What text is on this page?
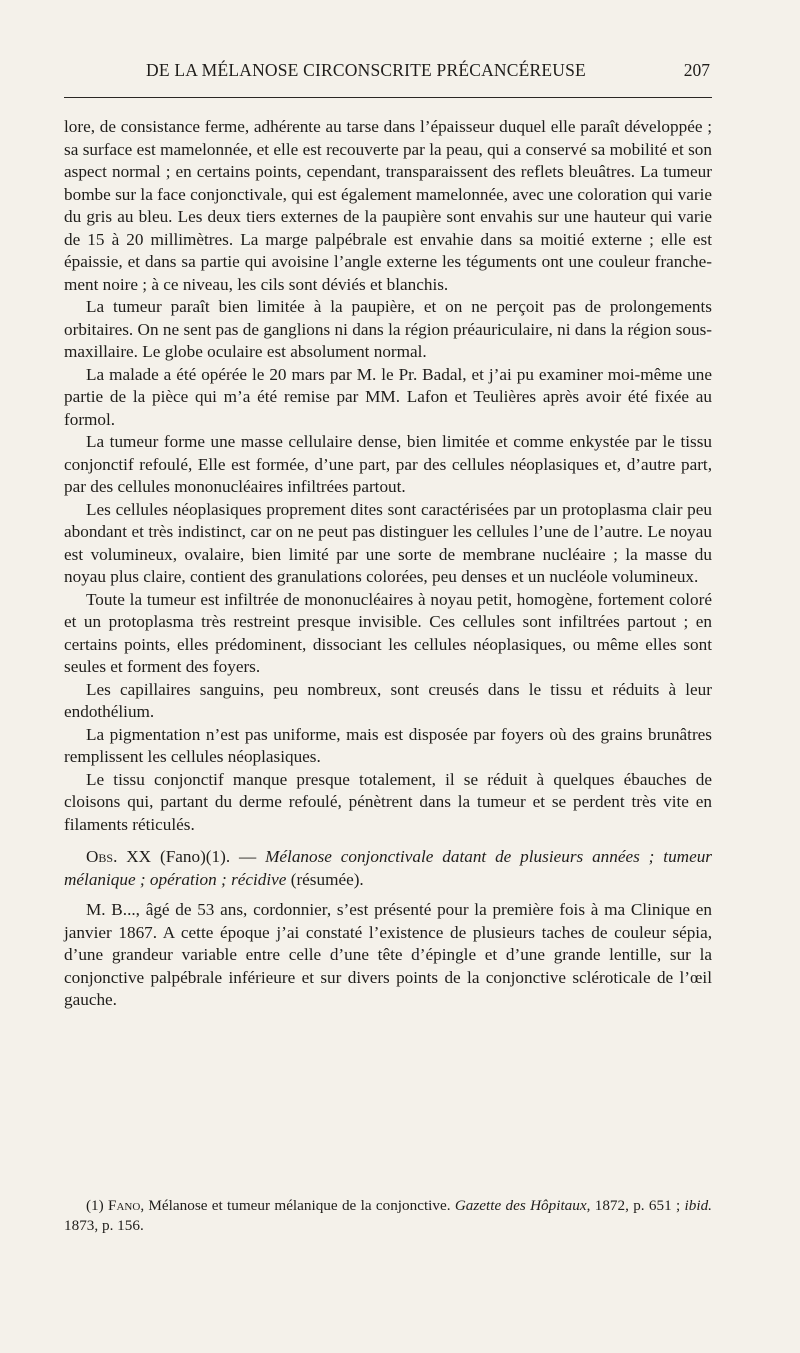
DE LA MÉLANOSE CIRCONSCRITE PRÉCANCÉREUSE	207

lore, de consistance ferme, adhérente au tarse dans l’épaisseur duquel elle paraît développée ; sa surface est mamelonnée, et elle est recouverte par la peau, qui a conservé sa mobilité et son aspect normal ; en certains points, cependant, transparaissent des reflets bleuâtres. La tumeur bombe sur la face conjonctivale, qui est également mamelonnée, avec une coloration qui varie du gris au bleu. Les deux tiers externes de la paupière sont envahis sur une hauteur qui varie de 15 à 20 millimètres. La marge palpébrale est envahie dans sa moitié externe ; elle est épaissie, et dans sa partie qui avoisine l’angle externe les téguments ont une couleur franchement noire ; à ce niveau, les cils sont déviés et blanchis.

La tumeur paraît bien limitée à la paupière, et on ne perçoit pas de prolongements orbitaires. On ne sent pas de ganglions ni dans la région préauriculaire, ni dans la région sous-maxillaire. Le globe oculaire est absolument normal.

La malade a été opérée le 20 mars par M. le Pr. Badal, et j’ai pu examiner moi-même une partie de la pièce qui m’a été remise par MM. Lafon et Teulières après avoir été fixée au formol.

La tumeur forme une masse cellulaire dense, bien limitée et comme enkystée par le tissu conjonctif refoulé, Elle est formée, d’une part, par des cellules néoplasiques et, d’autre part, par des cellules mononucléaires infiltrées partout.

Les cellules néoplasiques proprement dites sont caractérisées par un protoplasma clair peu abondant et très indistinct, car on ne peut pas distinguer les cellules l’une de l’autre. Le noyau est volumineux, ovalaire, bien limité par une sorte de membrane nucléaire ; la masse du noyau plus claire, contient des granulations colorées, peu denses et un nucléole volumineux.

Toute la tumeur est infiltrée de mononucléaires à noyau petit, homogène, fortement coloré et un protoplasma très restreint presque invisible. Ces cellules sont infiltrées partout ; en certains points, elles prédominent, dissociant les cellules néoplasiques, ou même elles sont seules et forment des foyers.

Les capillaires sanguins, peu nombreux, sont creusés dans le tissu et réduits à leur endothélium.

La pigmentation n’est pas uniforme, mais est disposée par foyers où des grains brunâtres remplissent les cellules néoplasiques.

Le tissu conjonctif manque presque totalement, il se réduit à quelques ébauches de cloisons qui, partant du derme refoulé, pénètrent dans la tumeur et se perdent très vite en filaments réticulés.

Obs. XX (Fano)(1). — Mélanose conjonctivale datant de plusieurs années ; tumeur mélanique ; opération ; récidive (résumée).

M. B..., âgé de 53 ans, cordonnier, s’est présenté pour la première fois à ma Clinique en janvier 1867. A cette époque j’ai constaté l’existence de plusieurs taches de couleur sépia, d’une grandeur variable entre celle d’une tête d’épingle et d’une grande lentille, sur la conjonctive palpébrale inférieure et sur divers points de la conjonctive scléroticale de l’œil gauche.

(1) Fano, Mélanose et tumeur mélanique de la conjonctive. Gazette des Hôpitaux, 1872, p. 651 ; ibid. 1873, p. 156.
